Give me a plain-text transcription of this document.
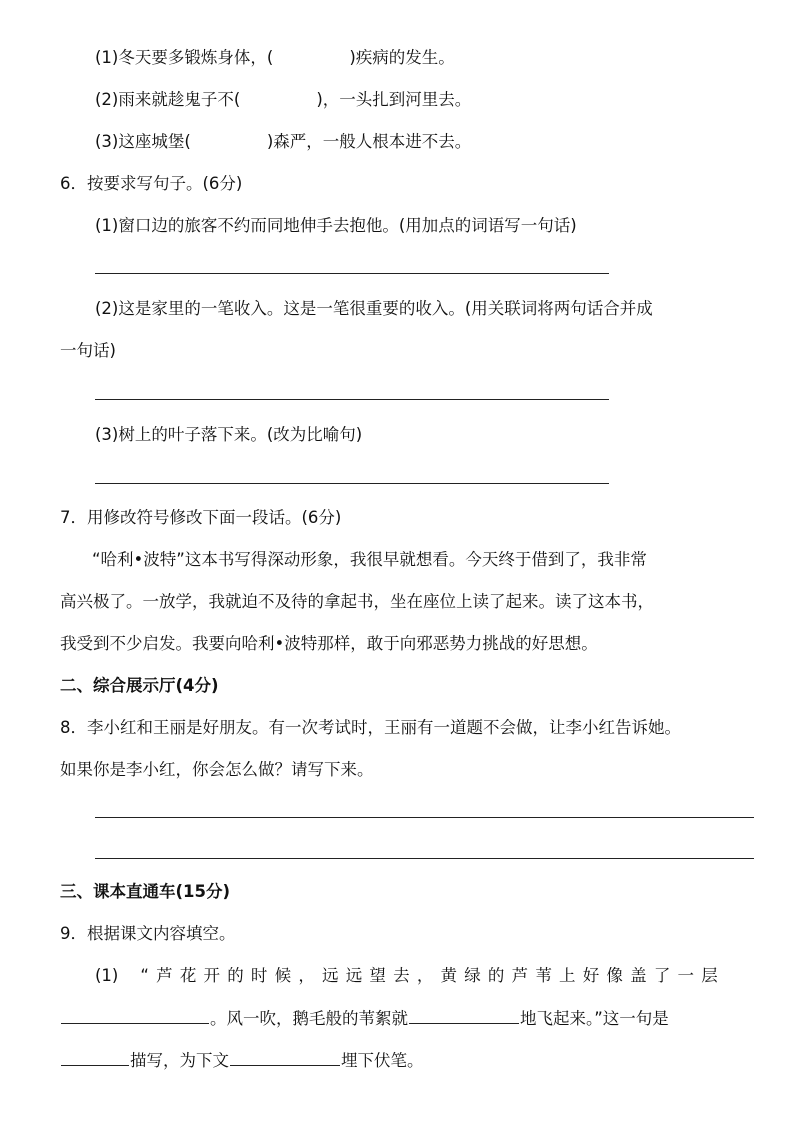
(1)冬天要多锻炼身体，(	)疾病的发生。
(2)雨来就趁鬼子不(	)，一头扎到河里去。
(3)这座城堡(	)森严，一般人根本进不去。
6．按要求写句子。(6分)
(1)窗口边的旅客不约而同地伸手去抱他。(用加点的词语写一句话)
(2)这是家里的一笔收入。这是一笔很重要的收入。(用关联词将两句话合并成
一句话)
(3)树上的叶子落下来。(改为比喻句)
7．用修改符号修改下面一段话。(6分)
“哈利•波特”这本书写得深动形象，我很早就想看。今天终于借到了，我非常
高兴极了。一放学，我就迫不及待的拿起书，坐在座位上读了起来。读了这本书，
我受到不少启发。我要向哈利•波特那样，敢于向邪恶势力挑战的好思想。
二、综合展示厅(4分)
8．李小红和王丽是好朋友。有一次考试时，王丽有一道题不会做，让李小红告诉她。
如果你是李小红，你会怎么做？请写下来。
三、课本直通车(15分)
9．根据课文内容填空。
(1) “芦花开的时候，远远望去，黄绿的芦苇上好像盖了一层
。风一吹，鹅毛般的苇絮就	地飞起来。”这一句是
描写，为下文	埋下伏笔。
